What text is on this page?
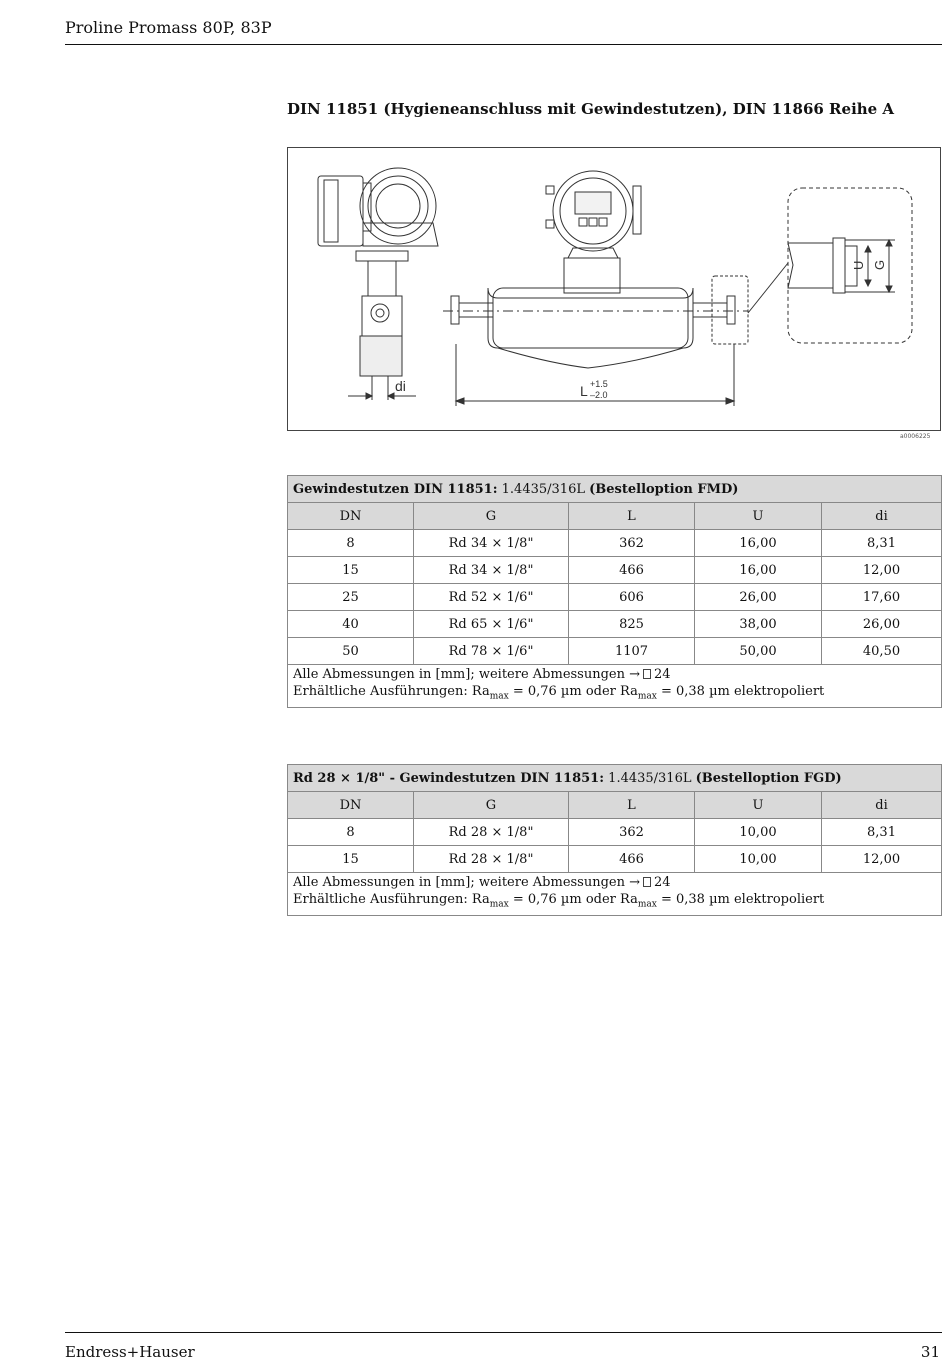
Proline Promass 80P, 83P
DIN 11851 (Hygieneanschluss mit Gewindestutzen), DIN 11866 Reihe A
di	L +1.5
–2.0
U G
a0006225
Gewindestutzen DIN 11851: 1.4435/316L (Bestelloption FMD)				
DN	G	L	U	di
8	Rd 34 × 1/8"	362	16,00	8,31
15	Rd 34 × 1/8"	466	16,00	12,00
25	Rd 52 × 1/6"	606	26,00	17,60
40	Rd 65 × 1/6"	825	38,00	26,00
50	Rd 78 × 1/6"	1107	50,00	40,50
Alle Abmessungen in [mm]; weitere Abmessungen → 24
Erhältliche Ausführungen: $Ra_{max} = 0,76$ µm oder $Ra_{max} = 0,38$ µm elektropoliert				
Rd 28 × 1/8" - Gewindestutzen DIN 11851: 1.4435/316L (Bestelloption FGD)				
DN	G	L	U	di
8	Rd 28 × 1/8"	362	10,00	8,31
15	Rd 28 × 1/8"	466	10,00	12,00
Alle Abmessungen in [mm]; weitere Abmessungen → 24
Erhältliche Ausführungen: $Ra_{max} = 0,76$ µm oder $Ra_{max} = 0,38$ µm elektropoliert				
Endress+Hauser	31
